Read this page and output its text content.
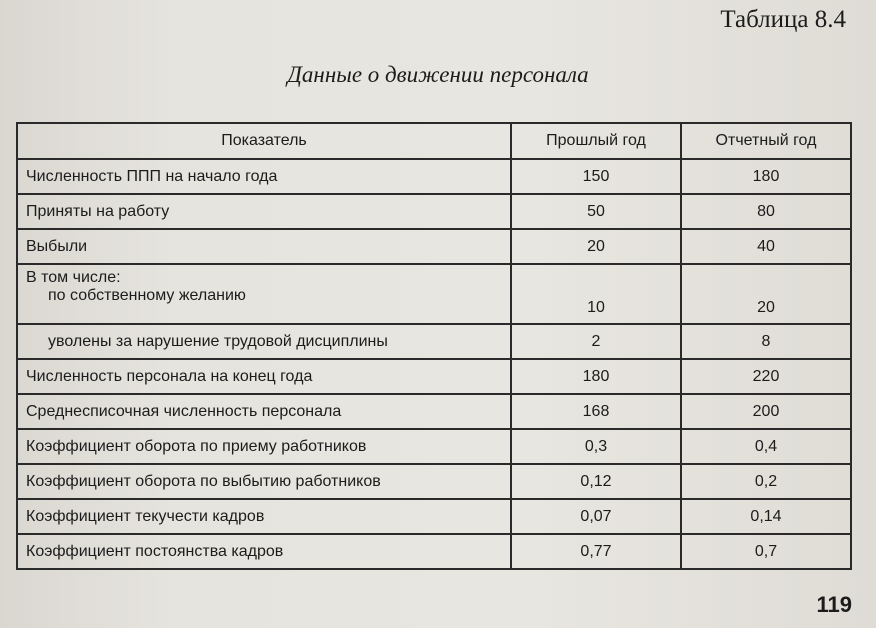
Таблица 8.4
Данные о движении персонала
Показатель	Прошлый год	Отчетный год
Численность ППП на начало года	150	180
Приняты на работу	50	80
Выбыли	20	40

В том числе:
по собственному желанию	10	20

уволены за нарушение трудовой дисциплины	2	8
Численность персонала на конец года	180	220
Среднесписочная численность персонала	168	200
Коэффициент оборота по приему работников	0,3	0,4
Коэффициент оборота по выбытию работников	0,12	0,2
Коэффициент текучести кадров	0,07	0,14
Коэффициент постоянства кадров	0,77	0,7
119
